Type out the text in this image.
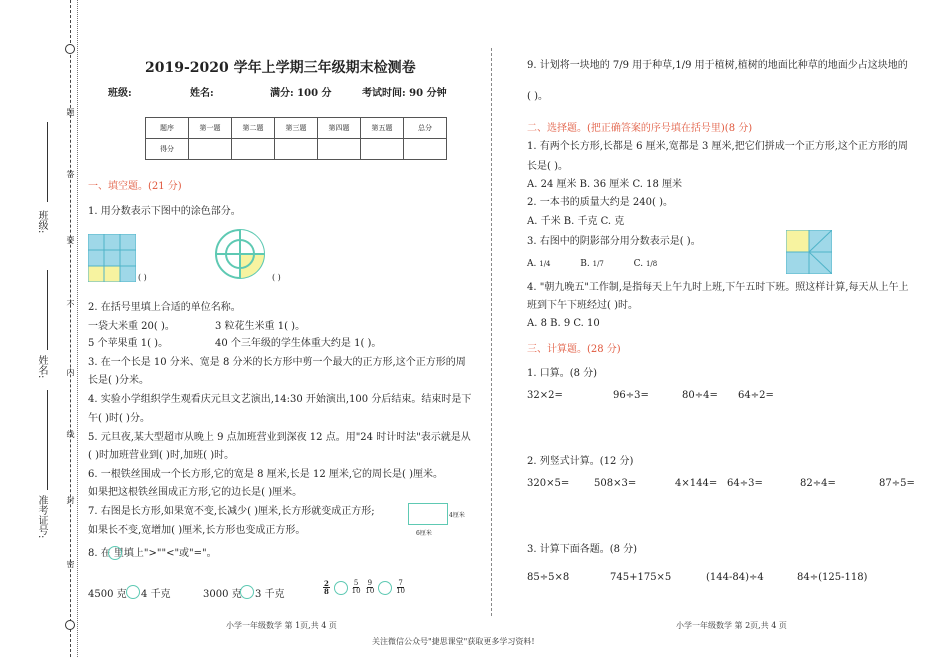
班级:
姓名:
准考证号:
题
答
要
不
内
线
封
密
2019-2020 学年上学期三年级期末检测卷
班级:	姓名:	满分: 100 分	考试时间: 90 分钟
题序	第一题	第二题	第三题	第四题	第五题	总分
得分						
一、填空题。(21 分)
1. 用分数表示下图中的涂色部分。
( )	( )
2. 在括号里填上合适的单位名称。
一袋大米重 20( )。	3 粒花生米重 1( )。
5 个苹果重 1( )。	40 个三年级的学生体重大约是 1( )。
3. 在一个长是 10 分米、宽是 8 分米的长方形中剪一个最大的正方形,这个正方形的周
长是( )分米。
4. 实验小学组织学生观看庆元旦文艺演出,14:30 开始演出,100 分后结束。结束时是下
午( )时( )分。
5. 元旦夜,某大型超市从晚上 9 点加班营业到深夜 12 点。用"24 时计时法"表示就是从
( )时加班营业到( )时,加班( )时。
6. 一根铁丝围成一个长方形,它的宽是 8 厘米,长是 12 厘米,它的周长是( )厘米。
如果把这根铁丝围成正方形,它的边长是( )厘米。
7. 右图是长方形,如果宽不变,长减少( )厘米,长方形就变成正方形;
如果长不变,宽增加( )厘米,长方形也变成正方形。
4厘米
6厘米
8. 在 里填上">""<"或"="。
4500 克 4 千克	3000 克 3 千克	$\frac{2}{8}$
	$\frac{5}{10}$
$\frac{9}{10}$
	$\frac{7}{10}$
小学一年级数学 第 1页,共 4 页
9. 计划将一块地的 7/9 用于种草,1/9 用于植树,植树的地面比种草的地面少占这块地的
( )。
二、选择题。(把正确答案的序号填在括号里)(8 分)
1. 有两个长方形,长都是 6 厘米,宽都是 3 厘米,把它们拼成一个正方形,这个正方形的周
长是( )。
A. 24 厘米 B. 36 厘米 C. 18 厘米
2. 一本书的质量大约是 240( )。
A. 千米 B. 千克 C. 克
3. 右图中的阴影部分用分数表示是( )。
A. 1/4	B. 1/7	C. 1/8
4. "朝九晚五"工作制,是指每天上午九时上班,下午五时下班。照这样计算,每天从上午上
班到下午下班经过( )时。
A. 8 B. 9 C. 10
三、计算题。(28 分)
1. 口算。(8 分)
32×2=	96÷3=	80÷4= 64÷2=
2. 列竖式计算。(12 分)
320×5= 508×3=	4×144= 64÷3=	82÷4=	87÷5=
3. 计算下面各题。(8 分)
85÷5×8	745+175×5	(144-84)÷4	84÷(125-118)
小学一年级数学 第 2页,共 4 页
关注微信公众号"捷思课堂"获取更多学习资料!
